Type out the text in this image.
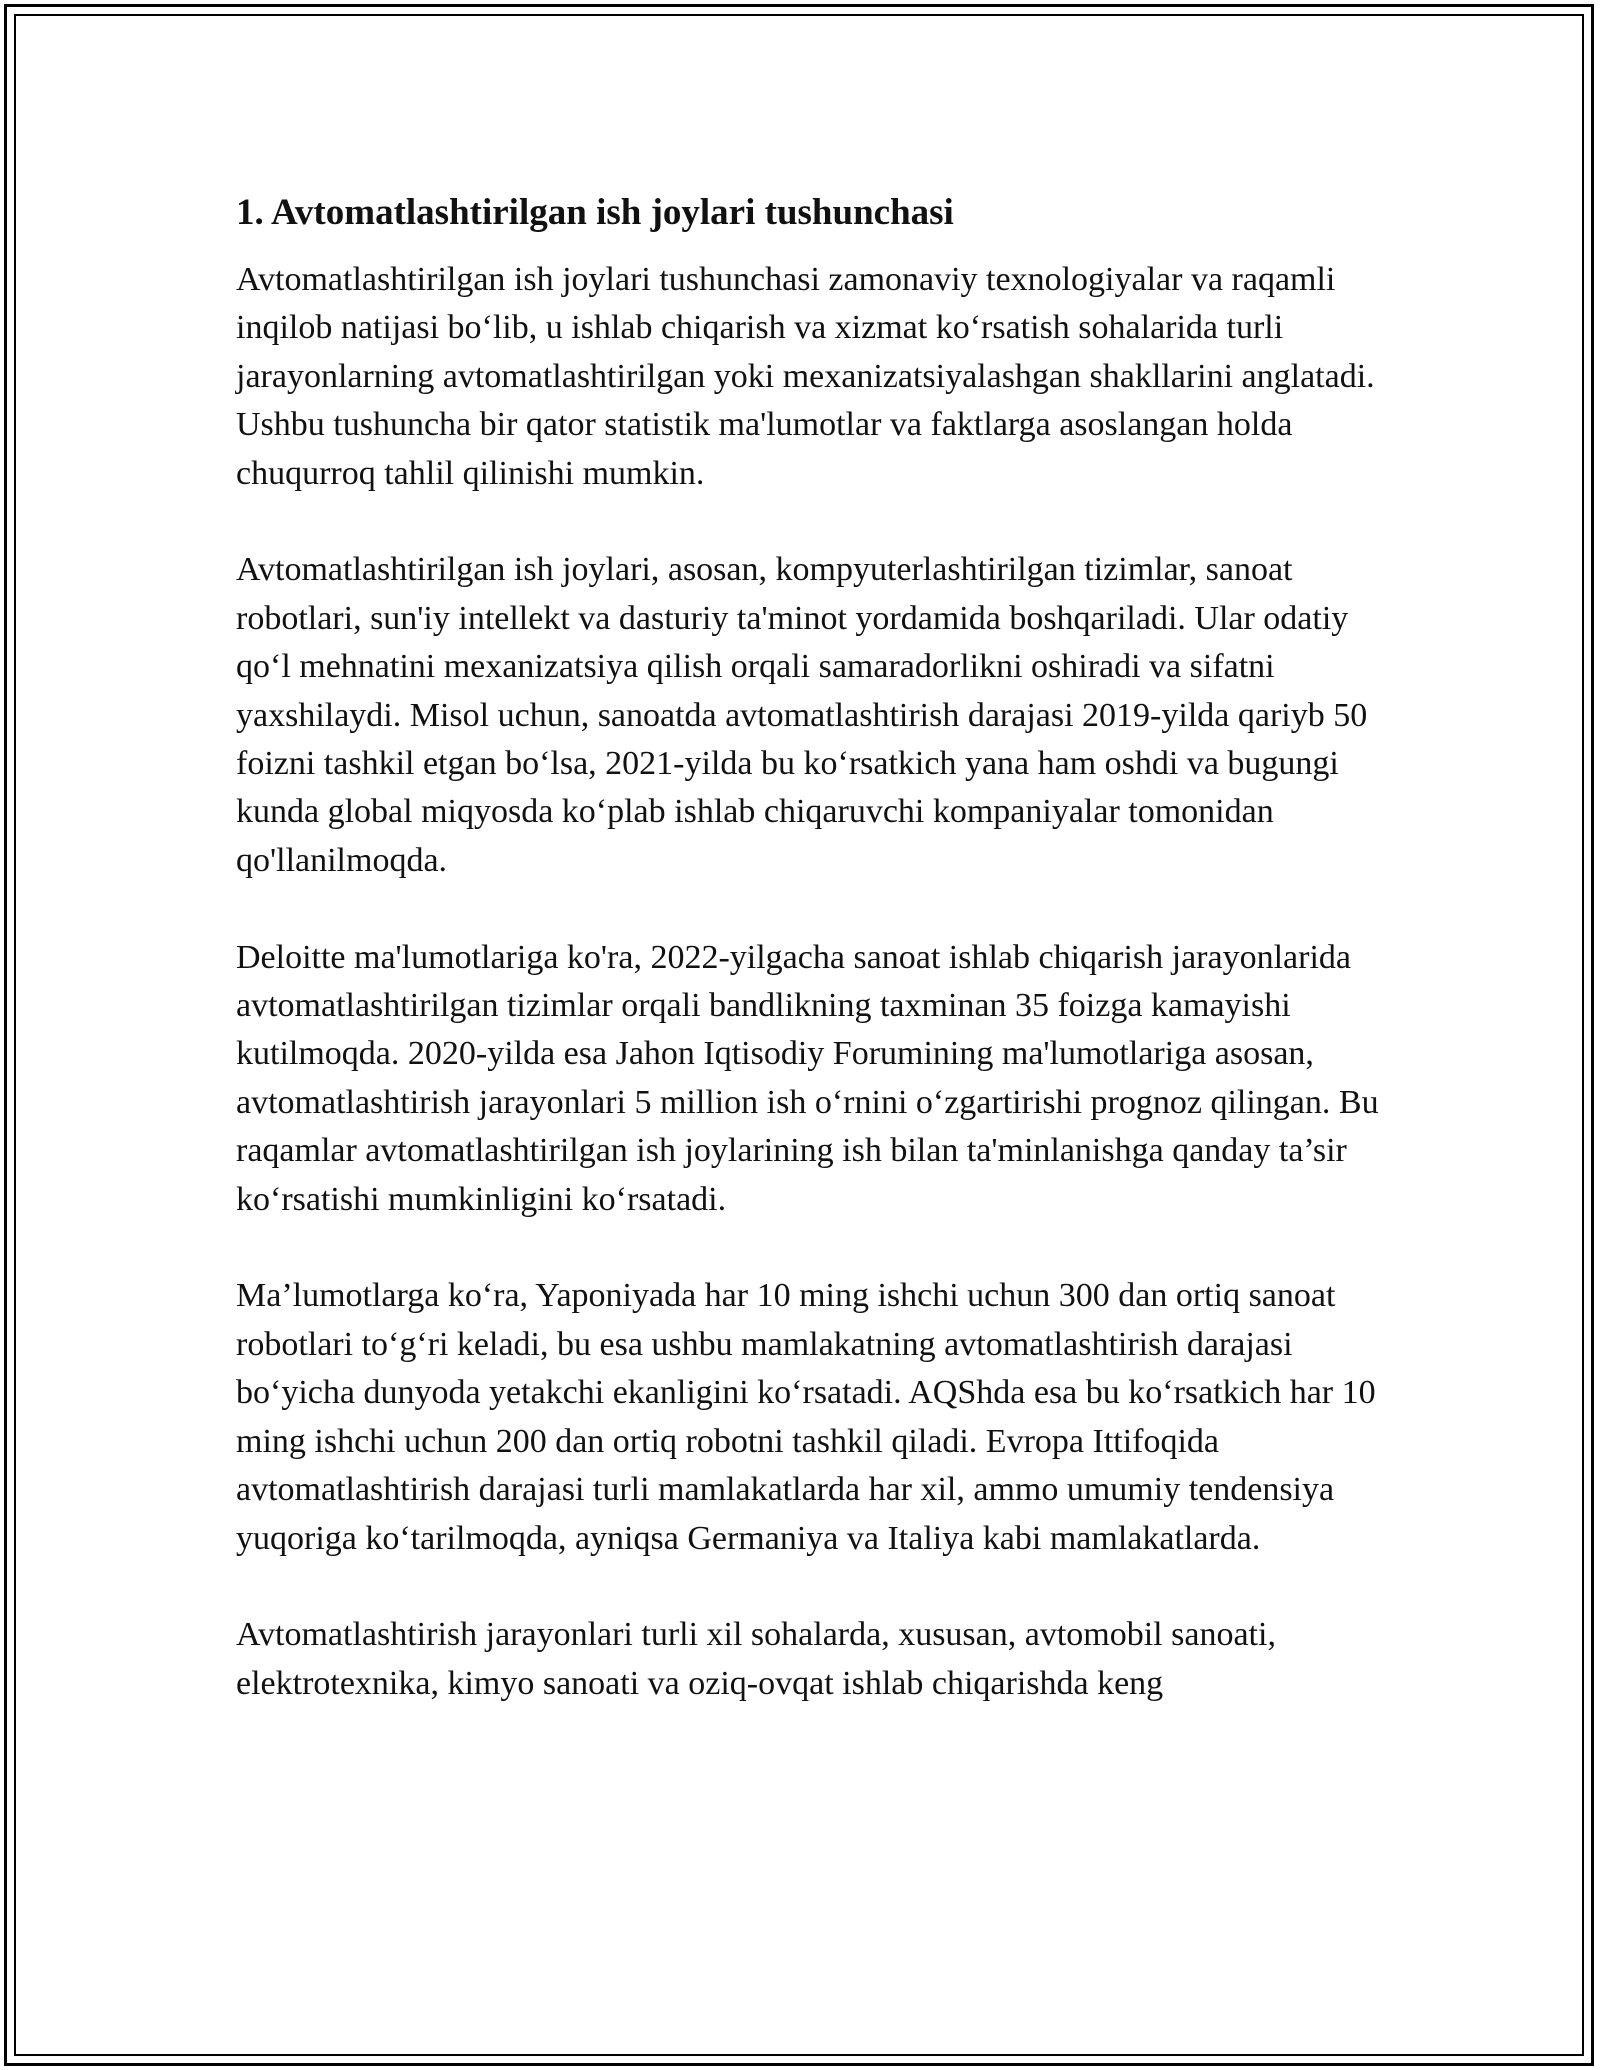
1. Avtomatlashtirilgan ish joylari tushunchasi

Avtomatlashtirilgan ish joylari tushunchasi zamonaviy texnologiyalar va raqamli inqilob natijasi bo‘lib, u ishlab chiqarish va xizmat ko‘rsatish sohalarida turli jarayonlarning avtomatlashtirilgan yoki mexanizatsiyalashgan shakllarini anglatadi. Ushbu tushuncha bir qator statistik ma'lumotlar va faktlarga asoslangan holda chuqurroq tahlil qilinishi mumkin.

Avtomatlashtirilgan ish joylari, asosan, kompyuterlashtirilgan tizimlar, sanoat robotlari, sun'iy intellekt va dasturiy ta'minot yordamida boshqariladi. Ular odatiy qo‘l mehnatini mexanizatsiya qilish orqali samaradorlikni oshiradi va sifatni yaxshilaydi. Misol uchun, sanoatda avtomatlashtirish darajasi 2019-yilda qariyb 50 foizni tashkil etgan bo‘lsa, 2021-yilda bu ko‘rsatkich yana ham oshdi va bugungi kunda global miqyosda ko‘plab ishlab chiqaruvchi kompaniyalar tomonidan qo'llanilmoqda.

Deloitte ma'lumotlariga ko'ra, 2022-yilgacha sanoat ishlab chiqarish jarayonlarida avtomatlashtirilgan tizimlar orqali bandlikning taxminan 35 foizga kamayishi kutilmoqda. 2020-yilda esa Jahon Iqtisodiy Forumining ma'lumotlariga asosan, avtomatlashtirish jarayonlari 5 million ish o‘rnini o‘zgartirishi prognoz qilingan. Bu raqamlar avtomatlashtirilgan ish joylarining ish bilan ta'minlanishga qanday ta’sir ko‘rsatishi mumkinligini ko‘rsatadi.

Ma’lumotlarga ko‘ra, Yaponiyada har 10 ming ishchi uchun 300 dan ortiq sanoat robotlari to‘g‘ri keladi, bu esa ushbu mamlakatning avtomatlashtirish darajasi bo‘yicha dunyoda yetakchi ekanligini ko‘rsatadi. AQShda esa bu ko‘rsatkich har 10 ming ishchi uchun 200 dan ortiq robotni tashkil qiladi. Evropa Ittifoqida avtomatlashtirish darajasi turli mamlakatlarda har xil, ammo umumiy tendensiya yuqoriga ko‘tarilmoqda, ayniqsa Germaniya va Italiya kabi mamlakatlarda.

Avtomatlashtirish jarayonlari turli xil sohalarda, xususan, avtomobil sanoati, elektrotexnika, kimyo sanoati va oziq-ovqat ishlab chiqarishda keng
